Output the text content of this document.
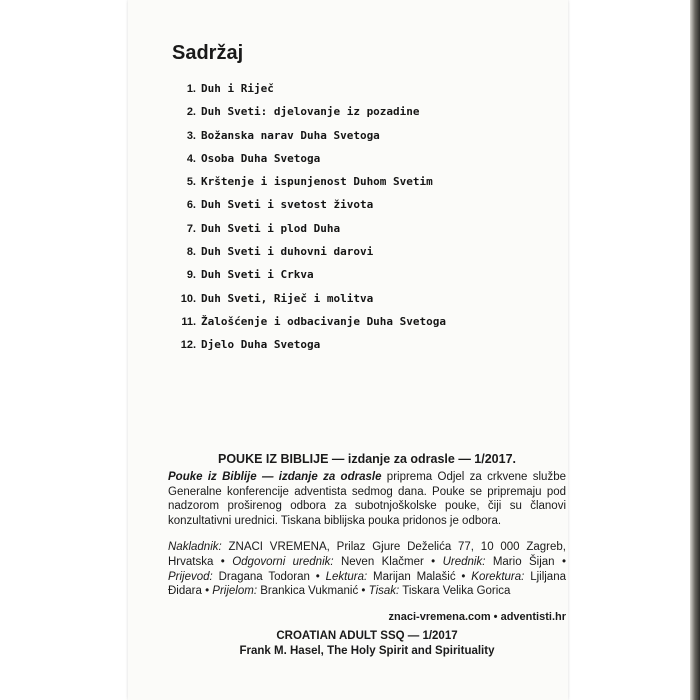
Sadržaj
1. Duh i Riječ
2. Duh Sveti: djelovanje iz pozadine
3. Božanska narav Duha Svetoga
4. Osoba Duha Svetoga
5. Krštenje i ispunjenost Duhom Svetim
6. Duh Sveti i svetost života
7. Duh Sveti i plod Duha
8. Duh Sveti i duhovni darovi
9. Duh Sveti i Crkva
10. Duh Sveti, Riječ i molitva
11. Žalošćenje i odbacivanje Duha Svetoga
12. Djelo Duha Svetoga
POUKE IZ BIBLIJE — izdanje za odrasle — 1/2017.
Pouke iz Biblije — izdanje za odrasle priprema Odjel za crkvene službe Generalne konferencije adventista sedmog dana. Pouke se pripremaju pod nadzorom proširenog odbora za subotnjoškolske pouke, čiji su članovi konzultativni urednici. Tiskana biblijska pouka pridonos je odbora.
Nakladnik: ZNACI VREMENA, Prilaz Gjure Deželića 77, 10 000 Zagreb, Hrvatska • Odgovorni urednik: Neven Klačmer • Urednik: Mario Šijan • Prijevod: Dragana Todoran • Lektura: Marijan Malašić • Korektura: Ljiljana Đidara • Prijelom: Brankica Vukmanić • Tisak: Tiskara Velika Gorica
znaci-vremena.com • adventisti.hr
CROATIAN ADULT SSQ — 1/2017
Frank M. Hasel, The Holy Spirit and Spirituality
